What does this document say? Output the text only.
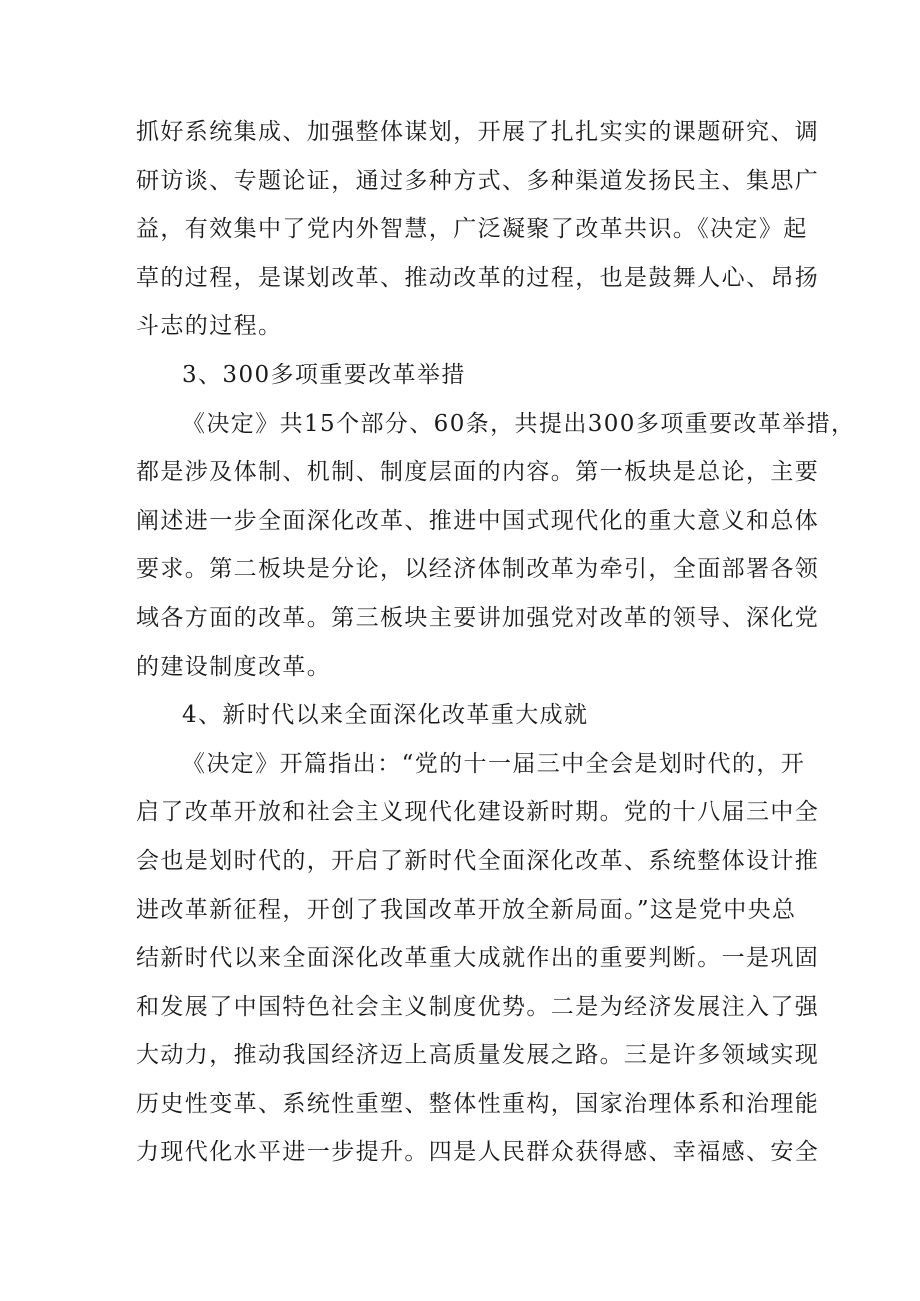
抓好系统集成、加强整体谋划，开展了扎扎实实的课题研究、调
研访谈、专题论证，通过多种方式、多种渠道发扬民主、集思广
益，有效集中了党内外智慧，广泛凝聚了改革共识。《决定》起
草的过程，是谋划改革、推动改革的过程，也是鼓舞人心、昂扬
斗志的过程。
3、300多项重要改革举措
《决定》共15个部分、60条，共提出300多项重要改革举措，
都是涉及体制、机制、制度层面的内容。第一板块是总论，主要
阐述进一步全面深化改革、推进中国式现代化的重大意义和总体
要求。第二板块是分论，以经济体制改革为牵引，全面部署各领
域各方面的改革。第三板块主要讲加强党对改革的领导、深化党
的建设制度改革。
4、新时代以来全面深化改革重大成就
《决定》开篇指出：“党的十一届三中全会是划时代的，开
启了改革开放和社会主义现代化建设新时期。党的十八届三中全
会也是划时代的，开启了新时代全面深化改革、系统整体设计推
进改革新征程，开创了我国改革开放全新局面。”这是党中央总
结新时代以来全面深化改革重大成就作出的重要判断。一是巩固
和发展了中国特色社会主义制度优势。二是为经济发展注入了强
大动力，推动我国经济迈上高质量发展之路。三是许多领域实现
历史性变革、系统性重塑、整体性重构，国家治理体系和治理能
力现代化水平进一步提升。四是人民群众获得感、幸福感、安全
